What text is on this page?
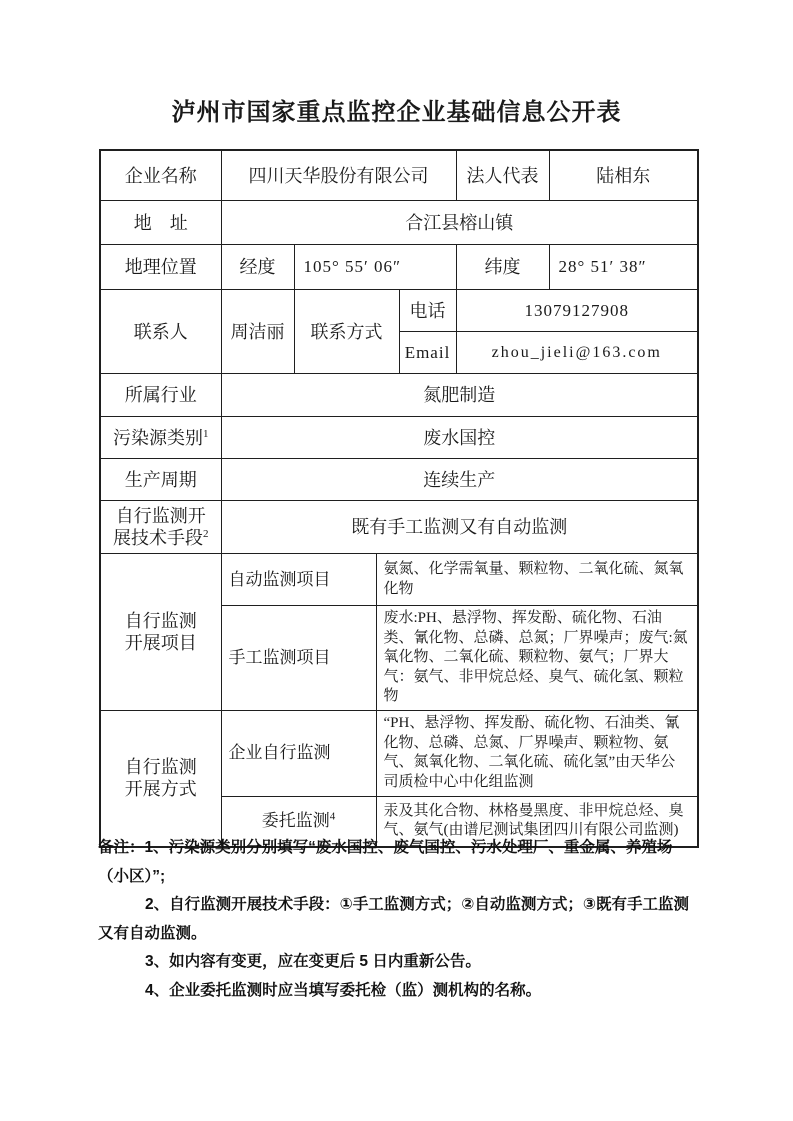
泸州市国家重点监控企业基础信息公开表
企业名称	四川天华股份有限公司				法人代表	陆相东
地　址	合江县榕山镇					
地理位置	经度	105° 55′ 06″			纬度	28° 51′ 38″
联系人	周洁丽	联系方式		电话	13079127908	
				Email	zhou_jieli@163.com	
所属行业	氮肥制造					
污染源类别$^1$	废水国控					
生产周期	连续生产					
自行监测开展技术手段$^2$	既有手工监测又有自动监测					
自行监测开展项目	自动监测项目		氨氮、化学需氧量、颗粒物、二氧化硫、氮氧化物			
	手工监测项目		废水:PH、悬浮物、挥发酚、硫化物、石油类、氰化物、总磷、总氮；厂界噪声；废气:氮氧化物、二氧化硫、颗粒物、氨气；厂界大气：氨气、非甲烷总烃、臭气、硫化氢、颗粒物			
自行监测开展方式	企业自行监测		“PH、悬浮物、挥发酚、硫化物、石油类、氰化物、总磷、总氮、厂界噪声、颗粒物、氨气、氮氧化物、二氧化硫、硫化氢”由天华公司质检中心中化组监测			
	委托监测$^4$		汞及其化合物、林格曼黑度、非甲烷总烃、臭气、氨气(由谱尼测试集团四川有限公司监测)			

备注：1、污染源类别分别填写“废水国控、废气国控、污水处理厂、重金属、养殖场（小区）”;

2、自行监测开展技术手段：①手工监测方式；②自动监测方式；③既有手工监测又有自动监测。

3、如内容有变更，应在变更后 5 日内重新公告。

4、企业委托监测时应当填写委托检（监）测机构的名称。
